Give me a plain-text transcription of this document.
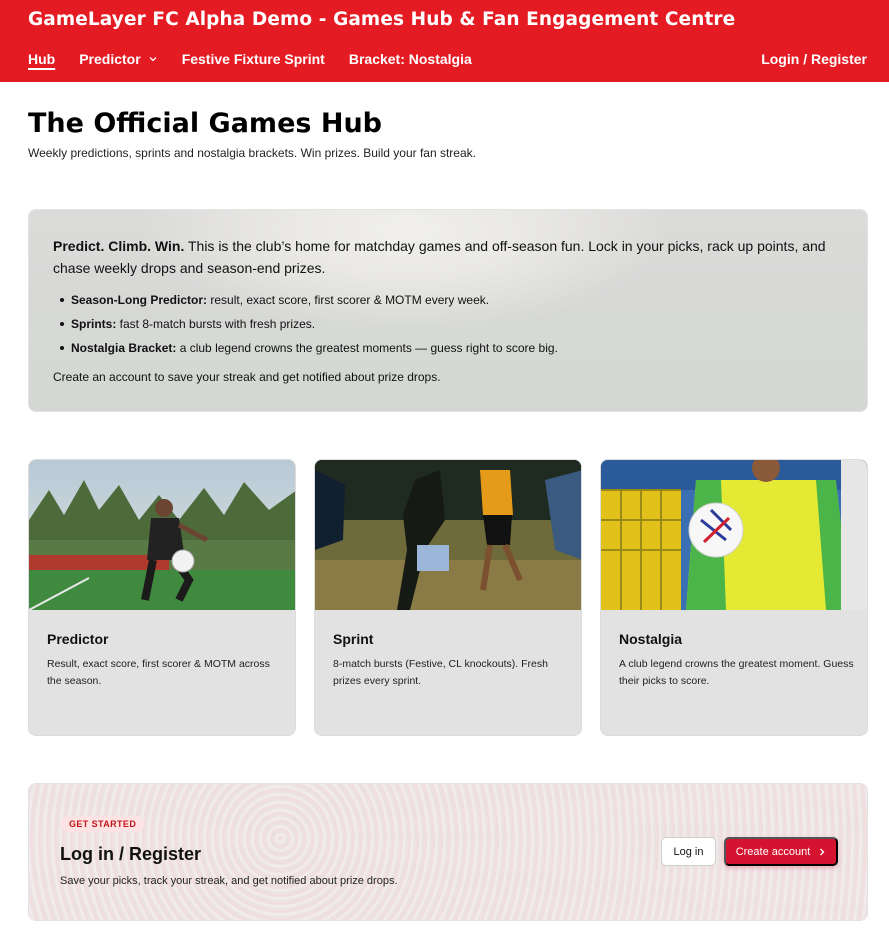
GameLayer FC Alpha Demo - Games Hub & Fan Engagement Centre
Hub Predictor	Festive Fixture Sprint Bracket: Nostalgia	Login / Register
The Official Games Hub

Weekly predictions, sprints and nostalgia brackets. Win prizes. Build your fan streak.

Predict. Climb. Win. This is the club’s home for matchday games and off-season fun. Lock in your picks, rack up points, and chase weekly drops and season-end prizes.

Season-Long Predictor: result, exact score, first scorer & MOTM every week.
Sprints: fast 8-match bursts with fresh prizes.
Nostalgia Bracket: a club legend crowns the greatest moments — guess right to score big.

Create an account to save your streak and get notified about prize drops.

Predictor
Result, exact score, first scorer & MOTM across the season.
Sprint
8-match bursts (Festive, CL knockouts). Fresh prizes every sprint.
Nostalgia
A club legend crowns the greatest moment. Guess their picks to score.
GET STARTED
Log in / Register

Save your picks, track your streak, and get notified about prize drops.

Log in	Create account
